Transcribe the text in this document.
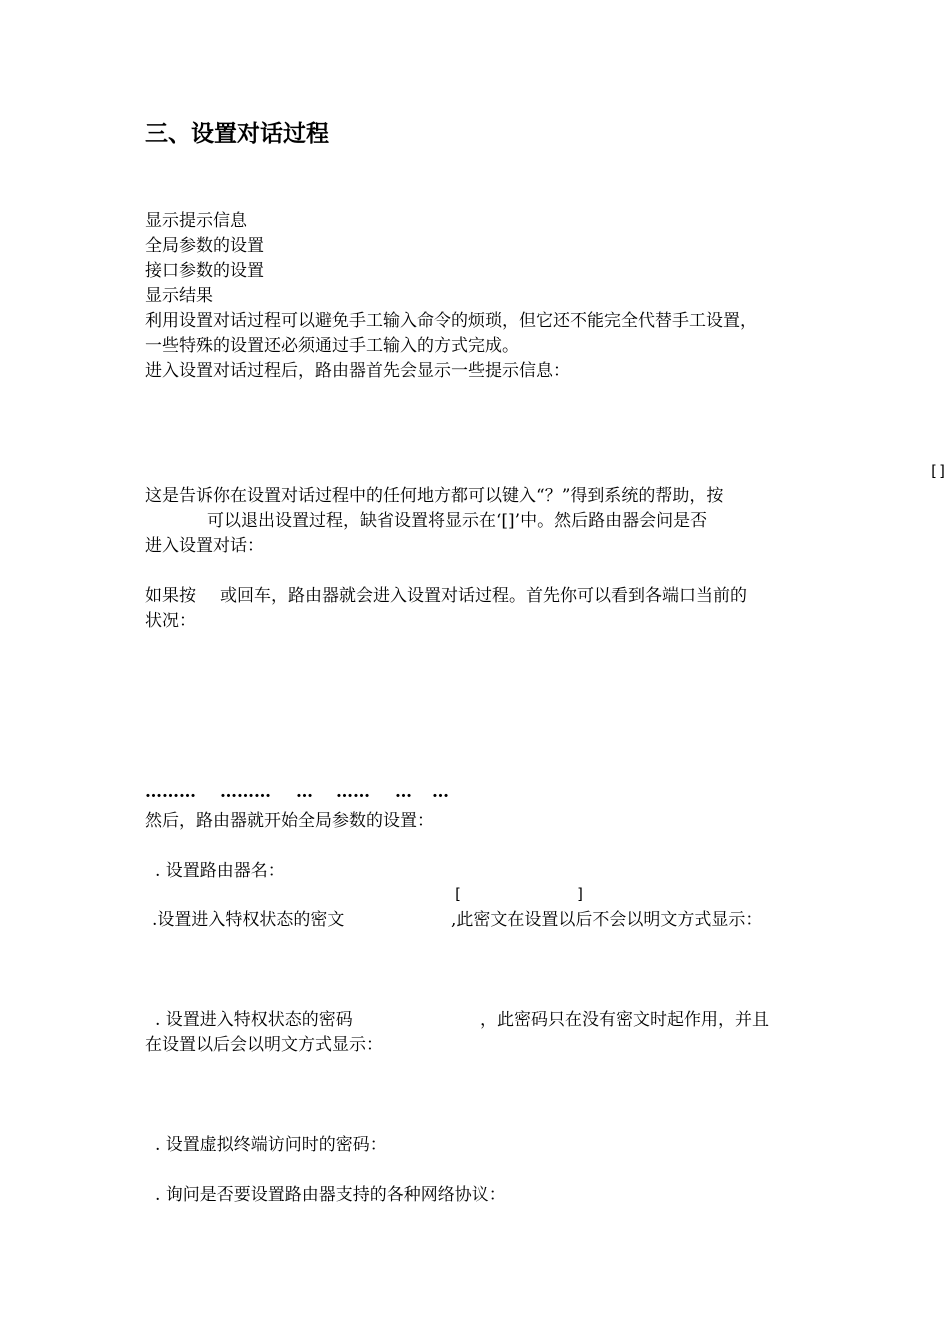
三、设置对话过程
显示提示信息
全局参数的设置
接口参数的设置
显示结果
利用设置对话过程可以避免手工输入命令的烦琐，但它还不能完全代替手工设置，
一些特殊的设置还必须通过手工输入的方式完成。
进入设置对话过程后，路由器首先会显示一些提示信息：
[]
这是告诉你在设置对话过程中的任何地方都可以键入“？”得到系统的帮助，按
可以退出设置过程，缺省设置将显示在‘[]’中。然后路由器会问是否
进入设置对话：
如果按 或回车，路由器就会进入设置对话过程。首先你可以看到各端口当前的
状况：
……… ……… … …… … …
然后，路由器就开始全局参数的设置：
. 设置路由器名：
[	]
.设置进入特权状态的密文	,此密文在设置以后不会以明文方式显示：
. 设置进入特权状态的密码	，此密码只在没有密文时起作用，并且
在设置以后会以明文方式显示：
. 设置虚拟终端访问时的密码：
. 询问是否要设置路由器支持的各种网络协议：
